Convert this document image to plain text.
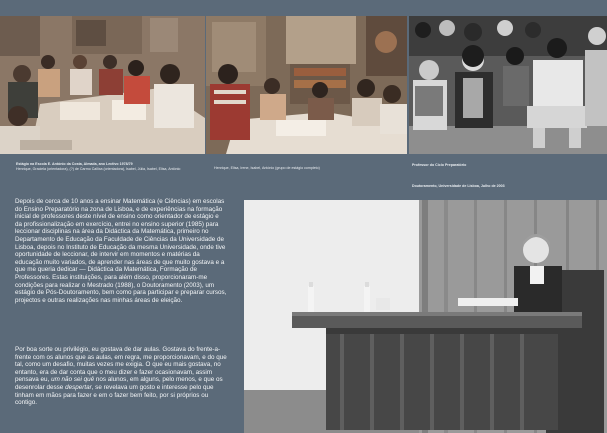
Estágio na Escola E. António da Costa, Almada, ano Lectivo 1978/79
Henrique, Graciela (orientadora), (?) de Carmo Callixa (orientadora), Isabel, Júlia, Isabel, Elisa, António	Henrique, Elisa, Irene, Isabel, António (grupo de estágio completo)

Professor do Ciclo Preparatório

Doutoramento, Universidade de Lisboa, Julho de 2003

Depois de cerca de 10 anos a ensinar Matemática (e Ciências) em escolas do Ensino Preparatório na zona de Lisboa, e de experiências na formação inicial de professores deste nível de ensino como orientador de estágio e da profissionalização em exercício, entrei no ensino superior (1985) para leccionar disciplinas na área da Didáctica da Matemática, primeiro no Departamento de Educação da Faculdade de Ciências da Universidade de Lisboa, depois no Instituto de Educação da mesma Universidade, onde tive oportunidade de leccionar, de intervir em momentos e matérias da educação muito variados, de aprender nas áreas de que muito gostava e a que me queria dedicar — Didáctica da Matemática, Formação de Professores. Estas instituições, para além disso, proporcionaram-me condições para realizar o Mestrado (1988), o Doutoramento (2003), um estágio de Pós-Doutoramento, bem como para participar e preparar cursos, projectos e outras realizações nas minhas áreas de eleição.

Por boa sorte ou privilégio, eu gostava de dar aulas. Gostava do frente-a-frente com os alunos que as aulas, em regra, me proporcionavam, e do que tal, como um desafio, muitas vezes me exigia. O que eu mais gostava, no entanto, era de dar conta que o meu dizer e fazer ocasionavam, assim pensava eu, um não sei quê nos alunos, em alguns, pelo menos, e que os desenrolar desse despertar, se revelava um gosto e interesse pelo que tinham em mãos para fazer e em o fazer bem feito, por si próprios ou contigo.
